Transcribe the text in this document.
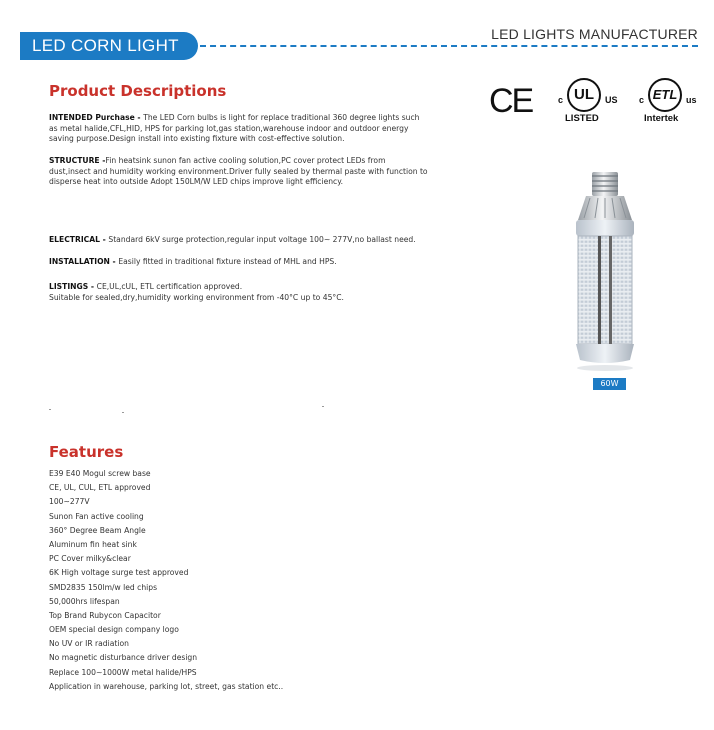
LED CORN LIGHT
LED LIGHTS MANUFACTURER
Product Descriptions
INTENDED Purchase - The LED Corn bulbs is light for replace traditional 360 degree lights such as metal halide,CFL,HID, HPS for parking lot,gas station,warehouse indoor and outdoor energy saving purpose.Design install into existing fixture with cost-effective solution.
STRUCTURE -Fin heatsink sunon fan active cooling solution,PC cover protect LEDs from dust,insect and humidity working environment.Driver fully sealed by thermal paste with function to disperse heat into outside Adopt 150LM/W LED chips improve light efficiency.
ELECTRICAL - Standard 6kV surge protection,regular input voltage 100~ 277V,no ballast need.
INSTALLATION - Easily fitted in traditional fixture instead of MHL and HPS.
LISTINGS - CE,UL,cUL, ETL certification approved.
Suitable for sealed,dry,humidity working environment from -40°C up to 45°C.
CE	c UL	US
LISTED
c ETL us
Intertek
60W
Features
E39 E40 Mogul screw base
CE, UL, CUL, ETL approved
100~277V
Sunon Fan active cooling
360° Degree Beam Angle
Aluminum fin heat sink
PC Cover milky&clear
6K High voltage surge test approved
SMD2835 150lm/w led chips
50,000hrs lifespan
Top Brand Rubycon Capacitor
OEM special design company logo
No UV or IR radiation
No magnetic disturbance driver design
Replace 100~1000W metal halide/HPS
Application in warehouse, parking lot, street, gas station etc..
